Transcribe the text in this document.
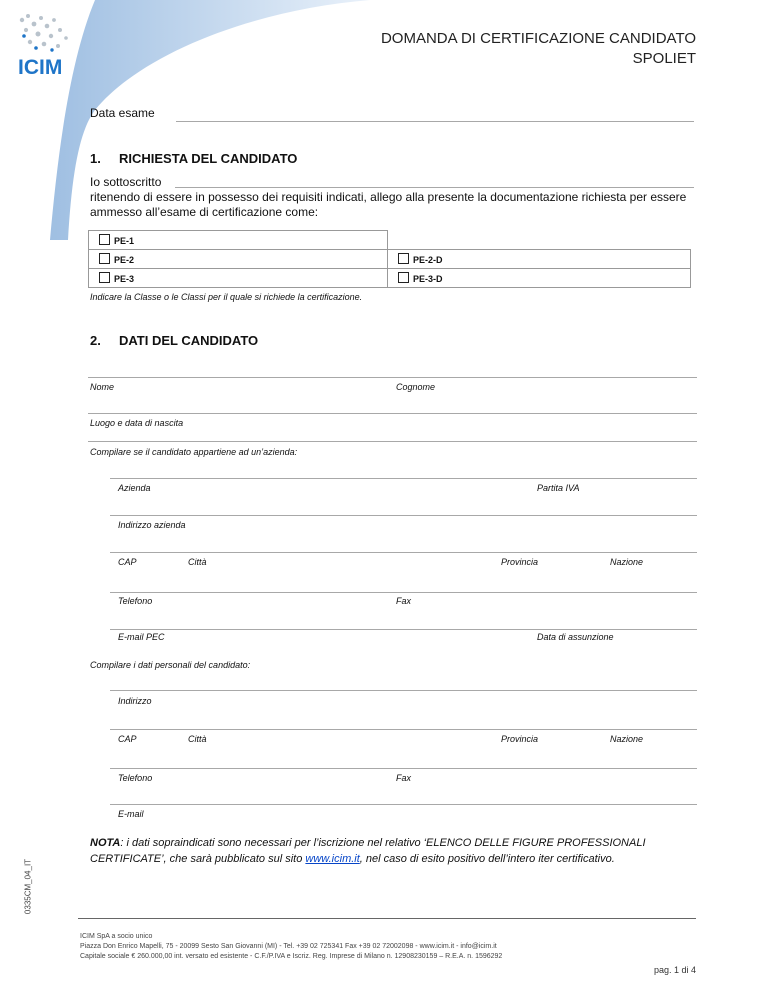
ICIM
DOMANDA DI CERTIFICAZIONE CANDIDATO
SPOLIET
Data esame
1. RICHIESTA DEL CANDIDATO
Io sottoscritto
ritenendo di essere in possesso dei requisiti indicati, allego alla presente la documentazione richiesta per essere
ammesso all’esame di certificazione come:
PE-1	
PE-2	PE-2-D
PE-3	PE-3-D
Indicare la Classe o le Classi per il quale si richiede la certificazione.
2. DATI DEL CANDIDATO
Nome	Cognome
Luogo e data di nascita
Compilare se il candidato appartiene ad un’azienda:
Azienda	Partita IVA
Indirizzo azienda
CAP	Città	Provincia	Nazione
Telefono	Fax
E-mail PEC	Data di assunzione
Compilare i dati personali del candidato:
Indirizzo
CAP	Città	Provincia	Nazione
Telefono	Fax
E-mail
NOTA: i dati sopraindicati sono necessari per l’iscrizione nel relativo ‘ELENCO DELLE FIGURE PROFESSIONALI
CERTIFICATE’, che sarà pubblicato sul sito www.icim.it, nel caso di esito positivo dell’intero iter certificativo.
0335CM_04_IT
ICIM SpA a socio unico
Piazza Don Enrico Mapelli, 75 - 20099 Sesto San Giovanni (MI) - Tel. +39 02 725341 Fax +39 02 72002098 - www.icim.it - info@icim.it
Capitale sociale € 260.000,00 int. versato ed esistente - C.F./P.IVA e Iscriz. Reg. Imprese di Milano n. 12908230159 – R.E.A. n. 1596292
pag. 1 di 4
